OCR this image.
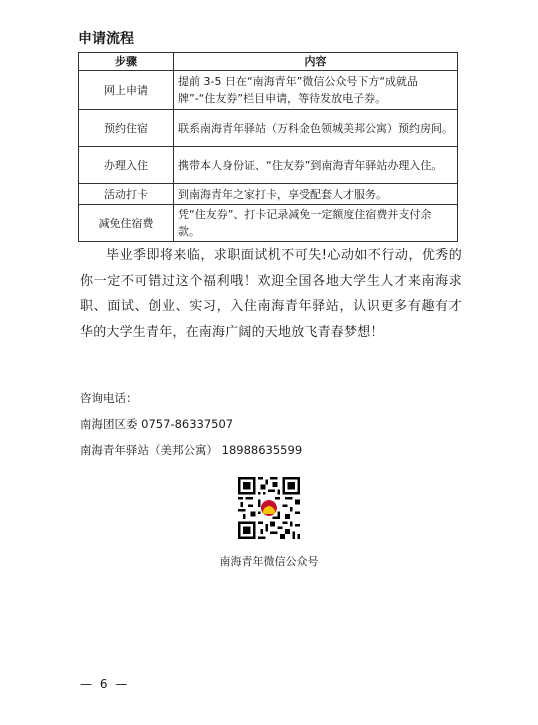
申请流程
步骤	内容
网上申请	提前 3-5 日在“南海青年”微信公众号下方“成就品牌”-“住友券”栏目申请，等待发放电子券。
预约住宿	联系南海青年驿站（万科金色领城美邦公寓）预约房间。
办理入住	携带本人身份证、“住友券”到南海青年驿站办理入住。
活动打卡	到南海青年之家打卡，享受配套人才服务。
减免住宿费	凭“住友券”、打卡记录减免一定额度住宿费并支付余款。
毕业季即将来临，求职面试机不可失!心动如不行动，优秀的你一定不可错过这个福利哦！欢迎全国各地大学生人才来南海求职、面试、创业、实习，入住南海青年驿站，认识更多有趣有才华的大学生青年，在南海广阔的天地放飞青春梦想！
咨询电话：
南海团区委 0757-86337507
南海青年驿站（美邦公寓） 18988635599
南海青年微信公众号
— 6 —
